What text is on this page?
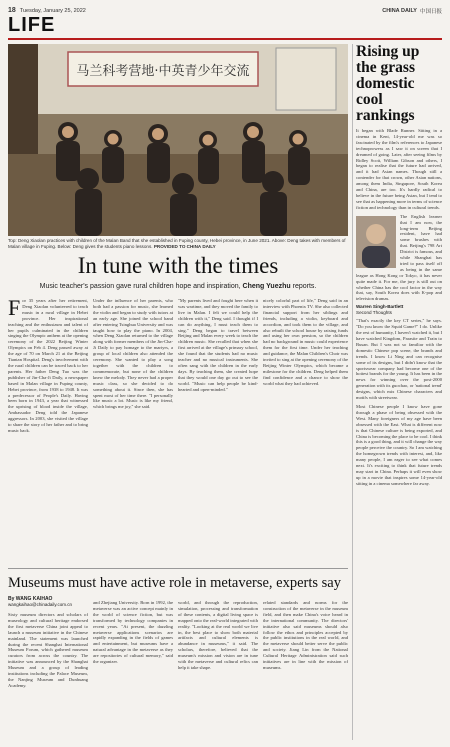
18 Tuesday, January 25, 2022	CHINA DAILY 中国日报
LIFE
马兰科考营地·中英青少年交流
Top: Deng Xiaolan practices with children of the Malan Band that she established in Fuping county, Hebei province, in June 2021. Above: Deng takes with members of Malan village in Fuping. Below: Deng gives the students piano lessons. PROVIDED TO CHINA DAILY
In tune with the times
Music teacher's passion gave rural children hope and inspiration, Cheng Yuezhu reports.
F or 35 years after her retirement, Deng Xiaolan volunteered to teach music in a rural village in Hebei province. Her inspirational teaching and the enthusiasm and talent of her pupils culminated in the children singing the Olympic anthem at the opening ceremony of the 2022 Beijing Winter Olympics on Feb 4. Deng passed away at the age of 70 on March 21 at the Beijing Tiantan Hospital. Deng's involvement with the rural children can be traced back to her parents. Her father Deng Tuo was the publisher of Jin-Cha-Ji Daily, a newspaper based in Malan village in Fuping county, Hebei province, from 1938 to 1948. It was a predecessor of People's Daily. Having been born in 1943, a year that witnessed the uprising of blood inside the village, Ambassador Deng told the Japanese aggressors. In 2003, she visited the village to share the story of her father and to bring music back.
Under the influence of her parents, who both had a passion for music, she learned the violin and began to study with tutors at an early age. She joined the school band after entering Tsinghua University and was taught how to play the piano. In 2004, when Deng Xiaolan returned to the village along with former members of the Jin-Cha-Ji Daily to pay homage to the martyrs, a group of local children also attended the ceremony. She wanted to play a song together with the children to commemorate, but none of the children knew the melody. They never had a proper music class, so she decided to do something about it. Since then, she has spent most of her time there. "I personally like music a lot. Music is like my friend, which brings me joy," she said.
"My parents lived and fought here when it was wartime, and they moved the family to live in Malan. I felt we could help the children with it," Deng said. I thought if I can do anything, I must teach them to sing." Deng began to travel between Beijing and Malan every week to teach the children music. She recalled that when she first arrived at the village's primary school, she found that the students had no music teacher and no musical instruments. She often sang with the children in the early days. By teaching them, she created hope that they would one day go out to see the world. "Music can help people be kind-hearted and open-minded."
nicely colorful part of life," Deng said in an interview with Phoenix TV. She also collected financial support from her siblings and friends, including a violin, keyboard and accordion, and took them to the village, and also rebuilt the school house by raising funds and using her own pension, so the children had no background in music could experience them for the first time. Under her teaching and guidance, the Malan Children's Choir was invited to sing at the opening ceremony of the Beijing Winter Olympics, which became a milestone for the children. Deng helped them find confidence and a chance to show the world what they had achieved.
Museums must have active role in metaverse, experts say
By WANG KAIHAO
wangkaihao@chinadaily.com.cn
Sixty museum directors and scholars of museology and cultural heritage endorsed the first metaverse China joint appeal to launch a museum initiative in the Chinese mainland. The statement was launched during the recent Shanghai International Museum Forum, which gathered museum curators from across the country. The initiative was announced by the Shanghai Museum and a group of leading institutions including the Palace Museum, the Nanjing Museum and Dunhuang Academy.
and Zhejiang University. Born in 1992, the metaverse was an active concept mainly in the world of science fiction, but was transformed by technology companies in recent years. "At present, the dazzling metaverse applications scenarios are rapidly expanding in the fields of games and entertainment, but museums have a natural advantage in the metaverse as they are repositories of cultural memory," said the organizer.
world, and through the reproduction, simulation, processing and transformation of these contents, a digital living space is mapped onto the real-world integrated with reality. "Looking at the real world we live in, the best place to show both material artifacts and cultural elements is abundance in museums," it said. The scholars, therefore, believed that the museum's mission and vision are in tune with the metaverse and cultural relics can help it take shape.
related standards and norms for the construction of the metaverse in the museum field, and then make China's voice heard in the international community. The directors' initiative also said museums should also follow the ethos and principles accepted by the public institutions in the real world, and the metaverse should better serve the public and society. Jiang Lin from the National Cultural Heritage Administration said such initiatives are in line with the mission of museums.
Rising up the grass domestic cool rankings
It began with Blade Runner. Sitting in a cinema in Kent, 14-year-old me was so fascinated by the film's references to Japanese technoprowess as I saw it on screen that I dreamed of going. Later, after seeing films by Ridley Scott, William Gibson and others, I began to realise that the future had arrived, and it had Asian names. Though still a contender for that crown, other Asian nations, among them India, Singapore, South Korea and China, are too. It's hardly radical to believe in the future being Asian, but I tend to see that as happening more in terms of science fiction and technology than in cultural trends.
The English learner that I am now, the long-term Beijing resident, have had some brushes with that. Beijing's 798 Art District is famous, and while Shanghai has tried to pass itself off as being in the same league as Hong Kong or Tokyo, it has never quite made it. For me, the jury is still out on whether China has the cool factor in the way that, say, South Korea does with K-pop and television dramas.
Warren Singh-Bartlett
Second Thoughts
"That's exactly the key CT series," he says. "Do you know the Squid Game?" I do. Unlike the rest of humanity, I haven't watched it, but I have watched Kingdom, Parasite and Train to Busan. But I was not so familiar with the domestic Chinese pop scene, the brands and trends. I know Li Ning and can recognise some of its designs, but I didn't know that the sportswear company had become one of the hottest brands for the young. It has been in the news for winning over the post-2000 generation with its guochao, or 'national trend' designs, which mix Chinese characters and motifs with streetwear.
Most Chinese people I know have gone through a phase of being obsessed with the West. Many foreigners of my age have been obsessed with the East. What is different now is that Chinese culture is being exported, and China is becoming the place to be cool. I think this is a good thing, and it will change the way people perceive the country. So I am watching the homegrown trends with interest, and, like many people, I am eager to see what comes next. It's exciting to think that future trends may start in China. Perhaps it will even show up in a movie that inspires some 14-year-old sitting in a cinema somewhere far away.
